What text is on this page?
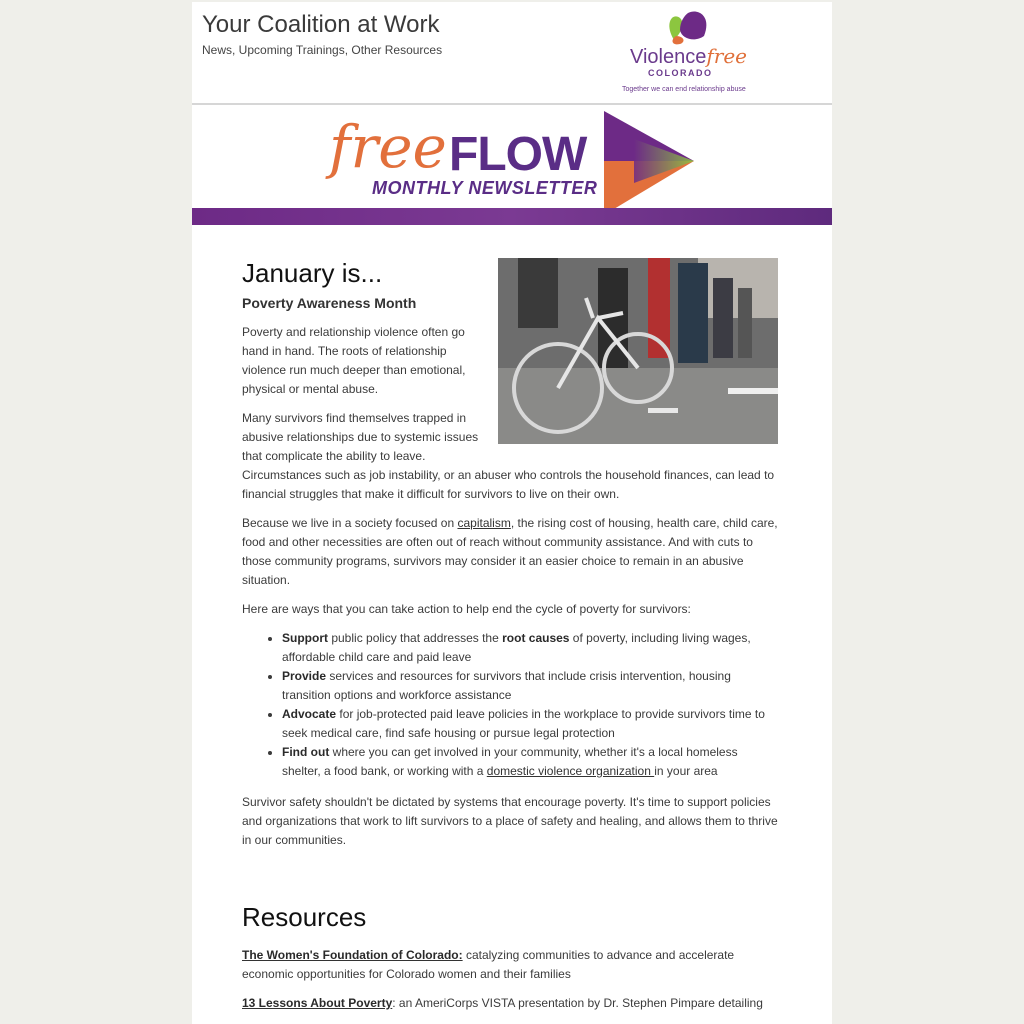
Your Coalition at Work
News, Upcoming Trainings, Other Resources	Violencefree
COLORADO
Together we can end relationship abuse
free FLOW
MONTHLY NEWSLETTER
January is...
Poverty Awareness Month

Poverty and relationship violence often go hand in hand. The roots of relationship violence run much deeper than emotional, physical or mental abuse.

Many survivors find themselves trapped in abusive relationships due to systemic issues that complicate the ability to leave. Circumstances such as job instability, or an abuser who controls the household finances, can lead to financial struggles that make it difficult for survivors to live on their own.

Because we live in a society focused on capitalism, the rising cost of housing, health care, child care, food and other necessities are often out of reach without community assistance. And with cuts to those community programs, survivors may consider it an easier choice to remain in an abusive situation.

Here are ways that you can take action to help end the cycle of poverty for survivors:

• Support public policy that addresses the root causes of poverty, including living wages, affordable child care and paid leave
• Provide services and resources for survivors that include crisis intervention, housing transition options and workforce assistance
• Advocate for job-protected paid leave policies in the workplace to provide survivors time to seek medical care, find safe housing or pursue legal protection
• Find out where you can get involved in your community, whether it's a local homeless shelter, a food bank, or working with a domestic violence organization in your area

Survivor safety shouldn't be dictated by systems that encourage poverty. It's time to support policies and organizations that work to lift survivors to a place of safety and healing, and allows them to thrive in our communities.

Resources

The Women's Foundation of Colorado: catalyzing communities to advance and accelerate economic opportunities for Colorado women and their families

13 Lessons About Poverty: an AmeriCorps VISTA presentation by Dr. Stephen Pimpare detailing
